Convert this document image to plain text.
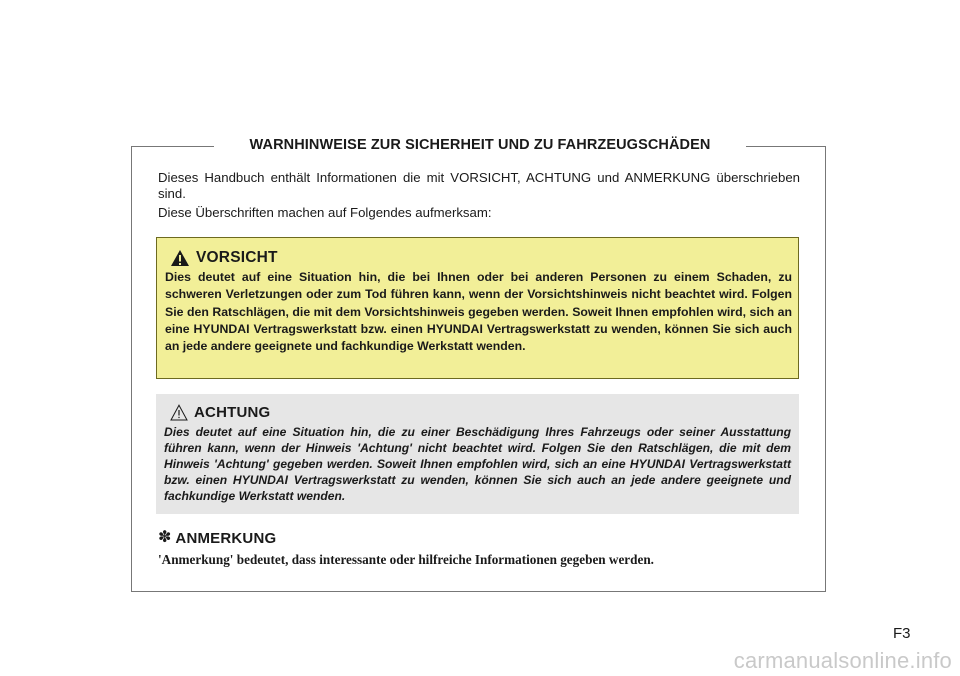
WARNHINWEISE ZUR SICHERHEIT UND ZU FAHRZEUGSCHÄDEN

Dieses Handbuch enthält Informationen die mit VORSICHT, ACHTUNG und ANMERKUNG überschrieben sind.

Diese Überschriften machen auf Folgendes aufmerksam:

VORSICHT

Dies deutet auf eine Situation hin, die bei Ihnen oder bei anderen Personen zu einem Schaden, zu schweren Verletzungen oder zum Tod führen kann, wenn der Vorsichtshinweis nicht beachtet wird. Folgen Sie den Ratschlägen, die mit dem Vorsichtshinweis gegeben werden. Soweit Ihnen empfohlen wird, sich an eine HYUNDAI Vertragswerkstatt bzw. einen HYUNDAI Vertragswerkstatt zu wenden, können Sie sich auch an jede andere geeignete und fachkundige Werkstatt wenden.

ACHTUNG

Dies deutet auf eine Situation hin, die zu einer Beschädigung Ihres Fahrzeugs oder seiner Ausstattung führen kann, wenn der Hinweis 'Achtung' nicht beachtet wird. Folgen Sie den Ratschlägen, die mit dem Hinweis 'Achtung' gegeben werden. Soweit Ihnen empfohlen wird, sich an eine HYUNDAI Vertragswerkstatt bzw. einen HYUNDAI Vertragswerkstatt zu wenden, können Sie sich auch an jede andere geeignete und fachkundige Werkstatt wenden.

✽ ANMERKUNG

'Anmerkung' bedeutet, dass interessante oder hilfreiche Informationen gegeben werden.

F3
carmanualsonline.info
